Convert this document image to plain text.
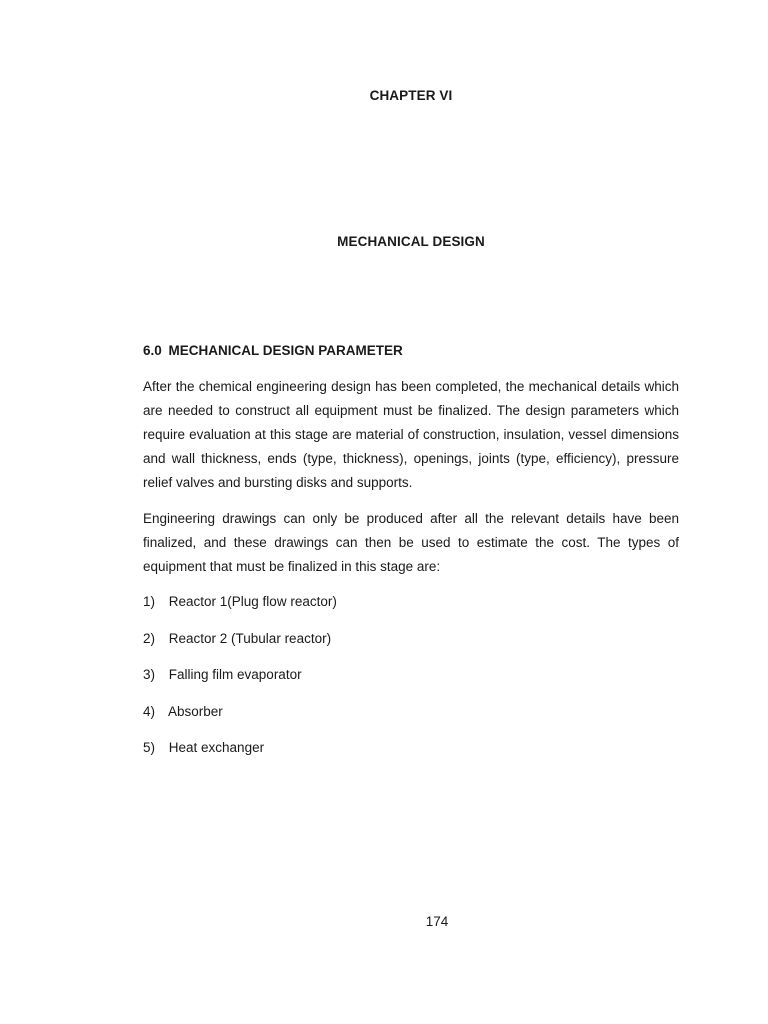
CHAPTER VI
MECHANICAL DESIGN
6.0 MECHANICAL DESIGN PARAMETER

After the chemical engineering design has been completed, the mechanical details which are needed to construct all equipment must be finalized. The design parameters which require evaluation at this stage are material of construction, insulation, vessel dimensions and wall thickness, ends (type, thickness), openings, joints (type, efficiency), pressure relief valves and bursting disks and supports.

Engineering drawings can only be produced after all the relevant details have been finalized, and these drawings can then be used to estimate the cost. The types of equipment that must be finalized in this stage are:

1) Reactor 1(Plug flow reactor)
2) Reactor 2 (Tubular reactor)
3) Falling film evaporator
4) Absorber
5) Heat exchanger
174
